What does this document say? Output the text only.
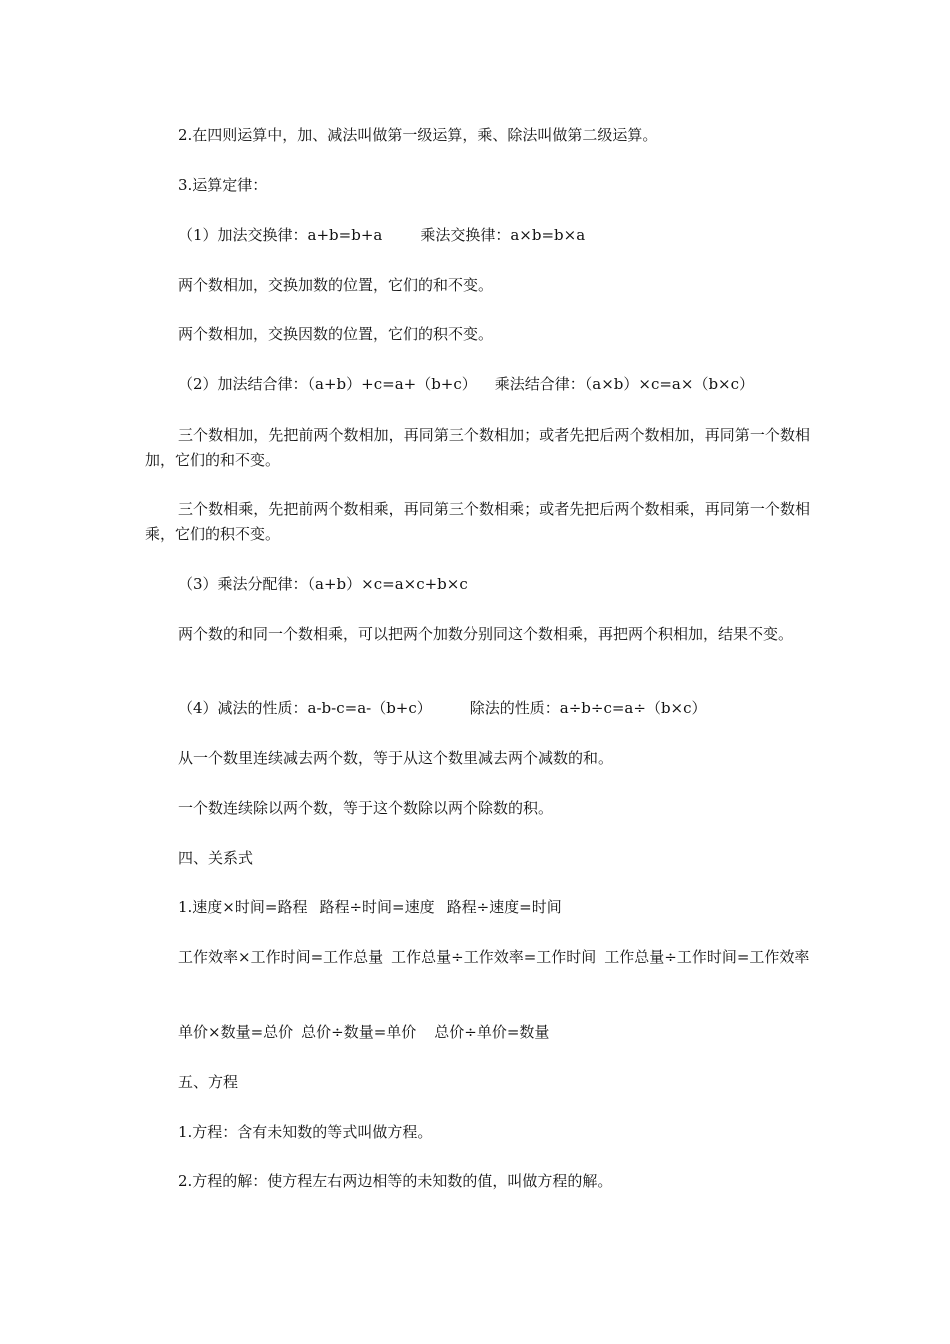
2.在四则运算中，加、减法叫做第一级运算，乘、除法叫做第二级运算。

3.运算定律：

（1）加法交换律：a+b=b+a	乘法交换律：a×b=b×a

两个数相加，交换加数的位置，它们的和不变。

两个数相加，交换因数的位置，它们的积不变。

（2）加法结合律：（a+b）+c=a+（b+c） 乘法结合律：（a×b）×c=a×（b×c）

三个数相加，先把前两个数相加，再同第三个数相加；或者先把后两个数相加，再同第一个数相加，它们的和不变。

三个数相乘，先把前两个数相乘，再同第三个数相乘；或者先把后两个数相乘，再同第一个数相乘，它们的积不变。

（3）乘法分配律：（a+b）×c=a×c+b×c

两个数的和同一个数相乘，可以把两个加数分别同这个数相乘，再把两个积相加，结果不变。

（4）减法的性质：a-b-c=a-（b+c）	除法的性质：a÷b÷c=a÷（b×c）

从一个数里连续减去两个数，等于从这个数里减去两个减数的和。

一个数连续除以两个数，等于这个数除以两个除数的积。

四、关系式

1.速度×时间=路程 路程÷时间=速度 路程÷速度=时间

工作效率×工作时间=工作总量 工作总量÷工作效率=工作时间 工作总量÷工作时间=工作效率

单价×数量=总价 总价÷数量=单价 总价÷单价=数量

五、方程

1.方程：含有未知数的等式叫做方程。

2.方程的解：使方程左右两边相等的未知数的值，叫做方程的解。
